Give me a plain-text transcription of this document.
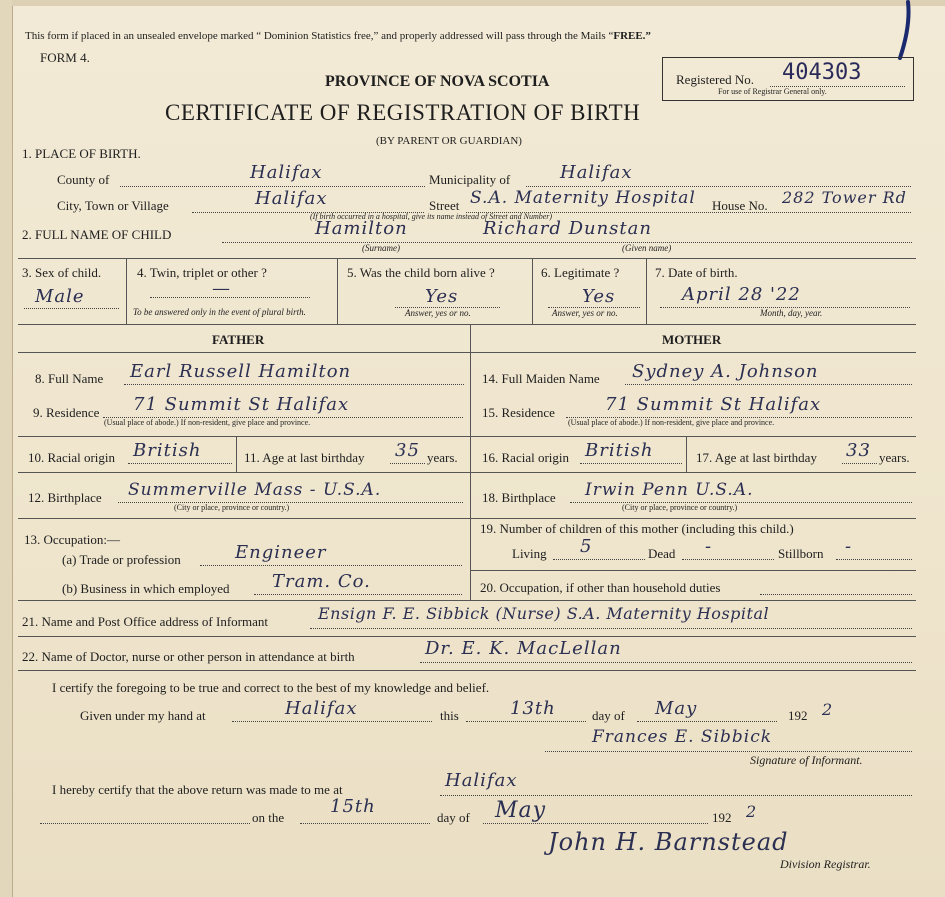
This form if placed in an unsealed envelope marked “ Dominion Statistics free,” and properly addressed will pass through the Mails “FREE.”
FORM 4.
PROVINCE OF NOVA SCOTIA
CERTIFICATE OF REGISTRATION OF BIRTH
(BY PARENT OR GUARDIAN)
Registered No. 404303
For use of Registrar General only.
1. PLACE OF BIRTH.
County of	Halifax	Municipality of	Halifax
City, Town or Village	Halifax	Street S.A. Maternity Hospital House No. 282 Tower Rd
(If birth occurred in a hospital, give its name instead of Street and Number)
2. FULL NAME OF CHILD	Hamilton	Richard Dunstan
(Surname)	(Given name)
3. Sex of child.
Male
4. Twin, triplet or other ?
—
To be answered only in the event of plural birth.
5. Was the child born alive ?
Yes
Answer, yes or no.
6. Legitimate ?
Yes
Answer, yes or no.
7. Date of birth.
April 28 '22
Month, day, year.
FATHER	MOTHER
8. Full Name Earl Russell Hamilton
9. Residence 71 Summit St Halifax
(Usual place of abode.) If non-resident, give place and province.
10. Racial origin British	11. Age at last birthday 35 years.
12. Birthplace Summerville Mass - U.S.A.
(City or place, province or country.)
13. Occupation:—
(a) Trade or profession	Engineer
(b) Business in which employed Tram. Co.
14. Full Maiden Name Sydney A. Johnson
15. Residence	71 Summit St Halifax
(Usual place of abode.) If non-resident, give place and province.
16. Racial origin British	17. Age at last birthday 33 years.
18. Birthplace Irwin Penn U.S.A.
(City or place, province or country.)
19. Number of children of this mother (including this child.)
Living 5	Dead -	Stillborn -
20. Occupation, if other than household duties
21. Name and Post Office address of Informant	Ensign F. E. Sibbick (Nurse) S.A. Maternity Hospital
22. Name of Doctor, nurse or other person in attendance at birth	Dr. E. K. MacLellan
I certify the foregoing to be true and correct to the best of my knowledge and belief.
Given under my hand at	Halifax	this	13th	day of May	192 2
Frances E. Sibbick
Signature of Informant.
I hereby certify that the above return was made to me at	Halifax
on the
15th
day of May	192 2
John H. Barnstead
Division Registrar.
